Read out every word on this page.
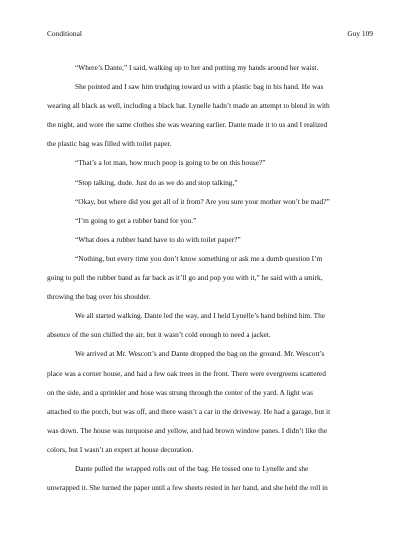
Conditional	Guy 109

“Where’s Dante,” I said, walking up to her and putting my hands around her waist.

She pointed and I saw him trudging toward us with a plastic bag in his hand. He was
wearing all black as well, including a black hat. Lynelle hadn’t made an attempt to blend in with
the night, and wore the same clothes she was wearing earlier. Dante made it to us and I realized
the plastic bag was filled with toilet paper.

“That’s a lot man, how much poop is going to be on this house?”

“Stop talking, dude. Just do as we do and stop talking,”

“Okay, but where did you get all of it from? Are you sure your mother won’t be mad?”

“I’m going to get a rubber band for you.”

“What does a rubber band have to do with toilet paper?”

“Nothing, but every time you don’t know something or ask me a dumb question I’m
going to pull the rubber band as far back as it’ll go and pop you with it,” he said with a smirk,
throwing the bag over his shoulder.

We all started walking. Dante led the way, and I held Lynelle’s hand behind him. The
absence of the sun chilled the air, but it wasn’t cold enough to need a jacket.

We arrived at Mr. Wescott’s and Dante dropped the bag on the ground. Mr. Wescott’s
place was a corner house, and had a few oak trees in the front. There were evergreens scattered
on the side, and a sprinkler and hose was strung through the center of the yard. A light was
attached to the porch, but was off, and there wasn’t a car in the driveway. He had a garage, but it
was down. The house was turquoise and yellow, and had brown window panes. I didn’t like the
colors, but I wasn’t an expert at house decoration.

Dante pulled the wrapped rolls out of the bag. He tossed one to Lynelle and she
unwrapped it. She turned the paper until a few sheets rested in her hand, and she held the roll in
